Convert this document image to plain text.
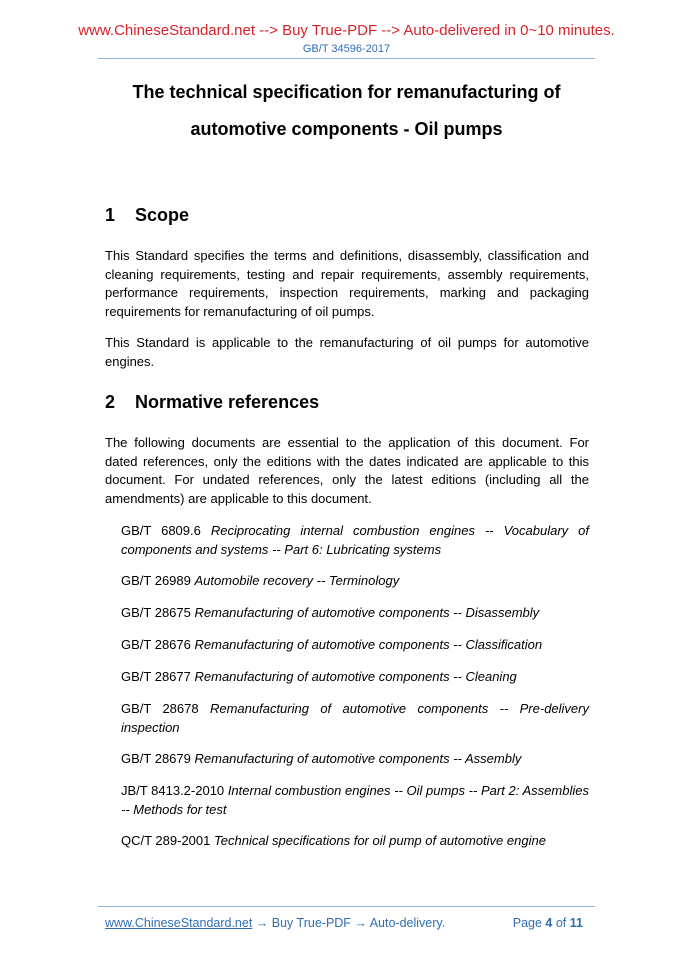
www.ChineseStandard.net --> Buy True-PDF --> Auto-delivered in 0~10 minutes.
GB/T 34596-2017
The technical specification for remanufacturing of
automotive components - Oil pumps
1 Scope
This Standard specifies the terms and definitions, disassembly, classification and cleaning requirements, testing and repair requirements, assembly requirements, performance requirements, inspection requirements, marking and packaging requirements for remanufacturing of oil pumps.
This Standard is applicable to the remanufacturing of oil pumps for automotive engines.
2 Normative references
The following documents are essential to the application of this document. For dated references, only the editions with the dates indicated are applicable to this document. For undated references, only the latest editions (including all the amendments) are applicable to this document.
GB/T 6809.6 Reciprocating internal combustion engines -- Vocabulary of components and systems -- Part 6: Lubricating systems
GB/T 26989 Automobile recovery -- Terminology
GB/T 28675 Remanufacturing of automotive components -- Disassembly
GB/T 28676 Remanufacturing of automotive components -- Classification
GB/T 28677 Remanufacturing of automotive components -- Cleaning
GB/T 28678 Remanufacturing of automotive components -- Pre-delivery inspection
GB/T 28679 Remanufacturing of automotive components -- Assembly
JB/T 8413.2-2010 Internal combustion engines -- Oil pumps -- Part 2: Assemblies -- Methods for test
QC/T 289-2001 Technical specifications for oil pump of automotive engine
www.ChineseStandard.net → Buy True-PDF → Auto-delivery.	Page 4 of 11
